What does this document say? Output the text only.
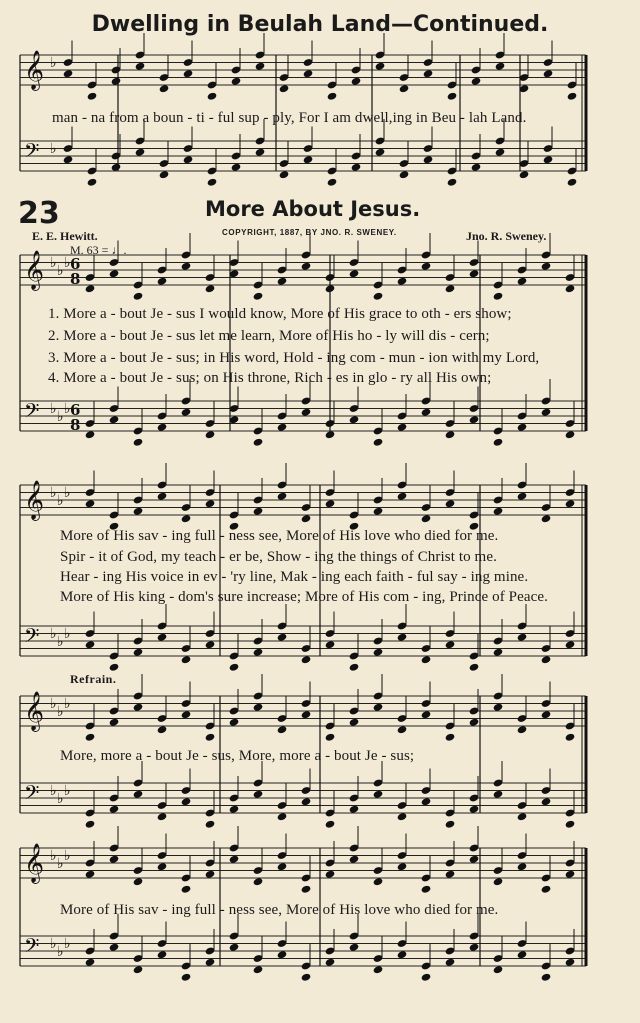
𝄞 ♭
𝄢 ♭
𝄞 ♭ ♭ ♭
𝄢 ♭ ♭ ♭
𝄞 ♭ ♭ ♭
𝄢 ♭ ♭ ♭
𝄞 ♭ ♭ ♭
𝄢 ♭ ♭ ♭
𝄞 ♭ ♭ ♭
𝄢 ♭ ♭ ♭
6
8
6
8
Dwelling in Beulah Land—Continued.
man - na from a boun - ti - ful sup - ply, For I am dwell,ing in Beu - lah Land.
23	More About Jesus.
E. E. Hewitt.	COPYRIGHT, 1887, BY JNO. R. SWENEY.	Jno. R. Sweney.
M. 63 = ♩.
1. More a - bout Je - sus I would know, More of His grace to oth - ers show;
2. More a - bout Je - sus let me learn, More of His ho - ly will dis - cern;
3. More a - bout Je - sus; in His word, Hold - ing com - mun - ion with my Lord,
4. More a - bout Je - sus; on His throne, Rich - es in glo - ry all His own;
More of His sav - ing full - ness see, More of His love who died for me.
Spir - it of God, my teach - er be, Show - ing the things of Christ to me.
Hear - ing His voice in ev - 'ry line, Mak - ing each faith - ful say - ing mine.
More of His king - dom's sure increase; More of His com - ing, Prince of Peace.
Refrain.
More, more a - bout Je - sus, More, more a - bout Je - sus;
More of His sav - ing full - ness see, More of His love who died for me.
